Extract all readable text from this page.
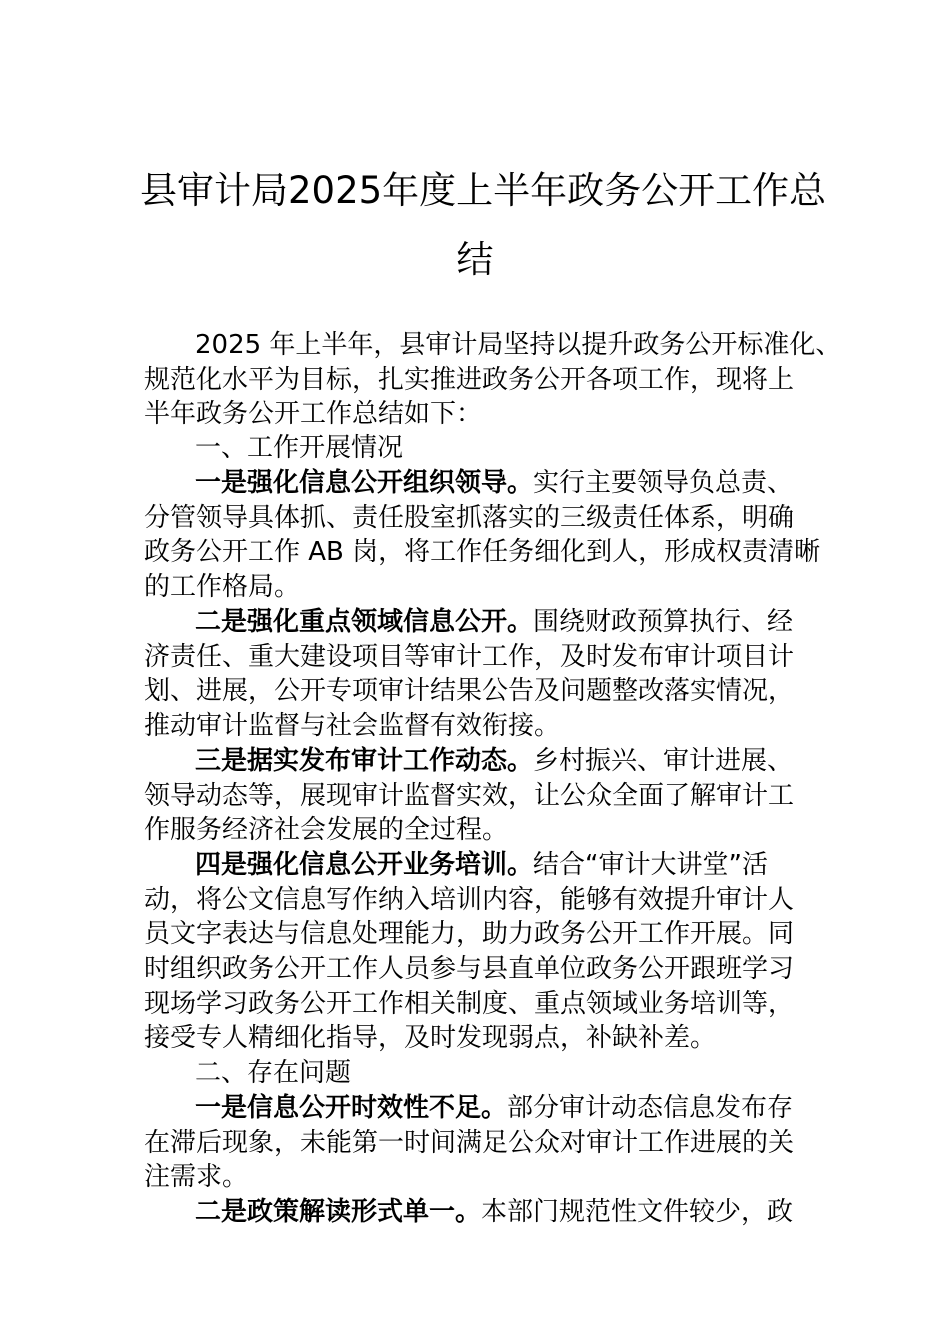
县审计局2025年度上半年政务公开工作总
结
2025 年上半年，县审计局坚持以提升政务公开标准化、
规范化水平为目标，扎实推进政务公开各项工作，现将上
半年政务公开工作总结如下：
一、工作开展情况
一是强化信息公开组织领导。实行主要领导负总责、
分管领导具体抓、责任股室抓落实的三级责任体系，明确
政务公开工作 AB 岗，将工作任务细化到人，形成权责清晰
的工作格局。
二是强化重点领域信息公开。围绕财政预算执行、经
济责任、重大建设项目等审计工作，及时发布审计项目计
划、进展，公开专项审计结果公告及问题整改落实情况，
推动审计监督与社会监督有效衔接。
三是据实发布审计工作动态。乡村振兴、审计进展、
领导动态等，展现审计监督实效，让公众全面了解审计工
作服务经济社会发展的全过程。
四是强化信息公开业务培训。结合“审计大讲堂”活
动，将公文信息写作纳入培训内容，能够有效提升审计人
员文字表达与信息处理能力，助力政务公开工作开展。同
时组织政务公开工作人员参与县直单位政务公开跟班学习
现场学习政务公开工作相关制度、重点领域业务培训等，
接受专人精细化指导，及时发现弱点，补缺补差。
二、存在问题
一是信息公开时效性不足。部分审计动态信息发布存
在滞后现象，未能第一时间满足公众对审计工作进展的关
注需求。
二是政策解读形式单一。本部门规范性文件较少，政
